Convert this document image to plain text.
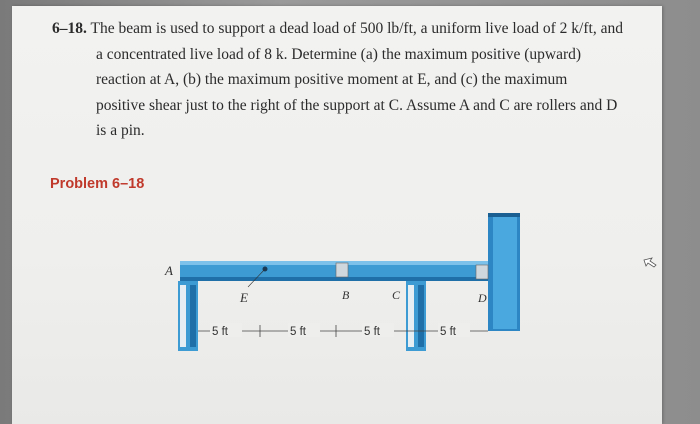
6–18. The beam is used to support a dead load of 500 lb/ft, a uniform live load of 2 k/ft, and
a concentrated live load of 8 k. Determine (a) the maximum positive (upward)
reaction at A, (b) the maximum positive moment at E, and (c) the maximum
positive shear just to the right of the support at C. Assume A and C are rollers and D
is a pin.
Problem 6–18
A
E	B	C	D
5 ft	5 ft	5 ft	5 ft
